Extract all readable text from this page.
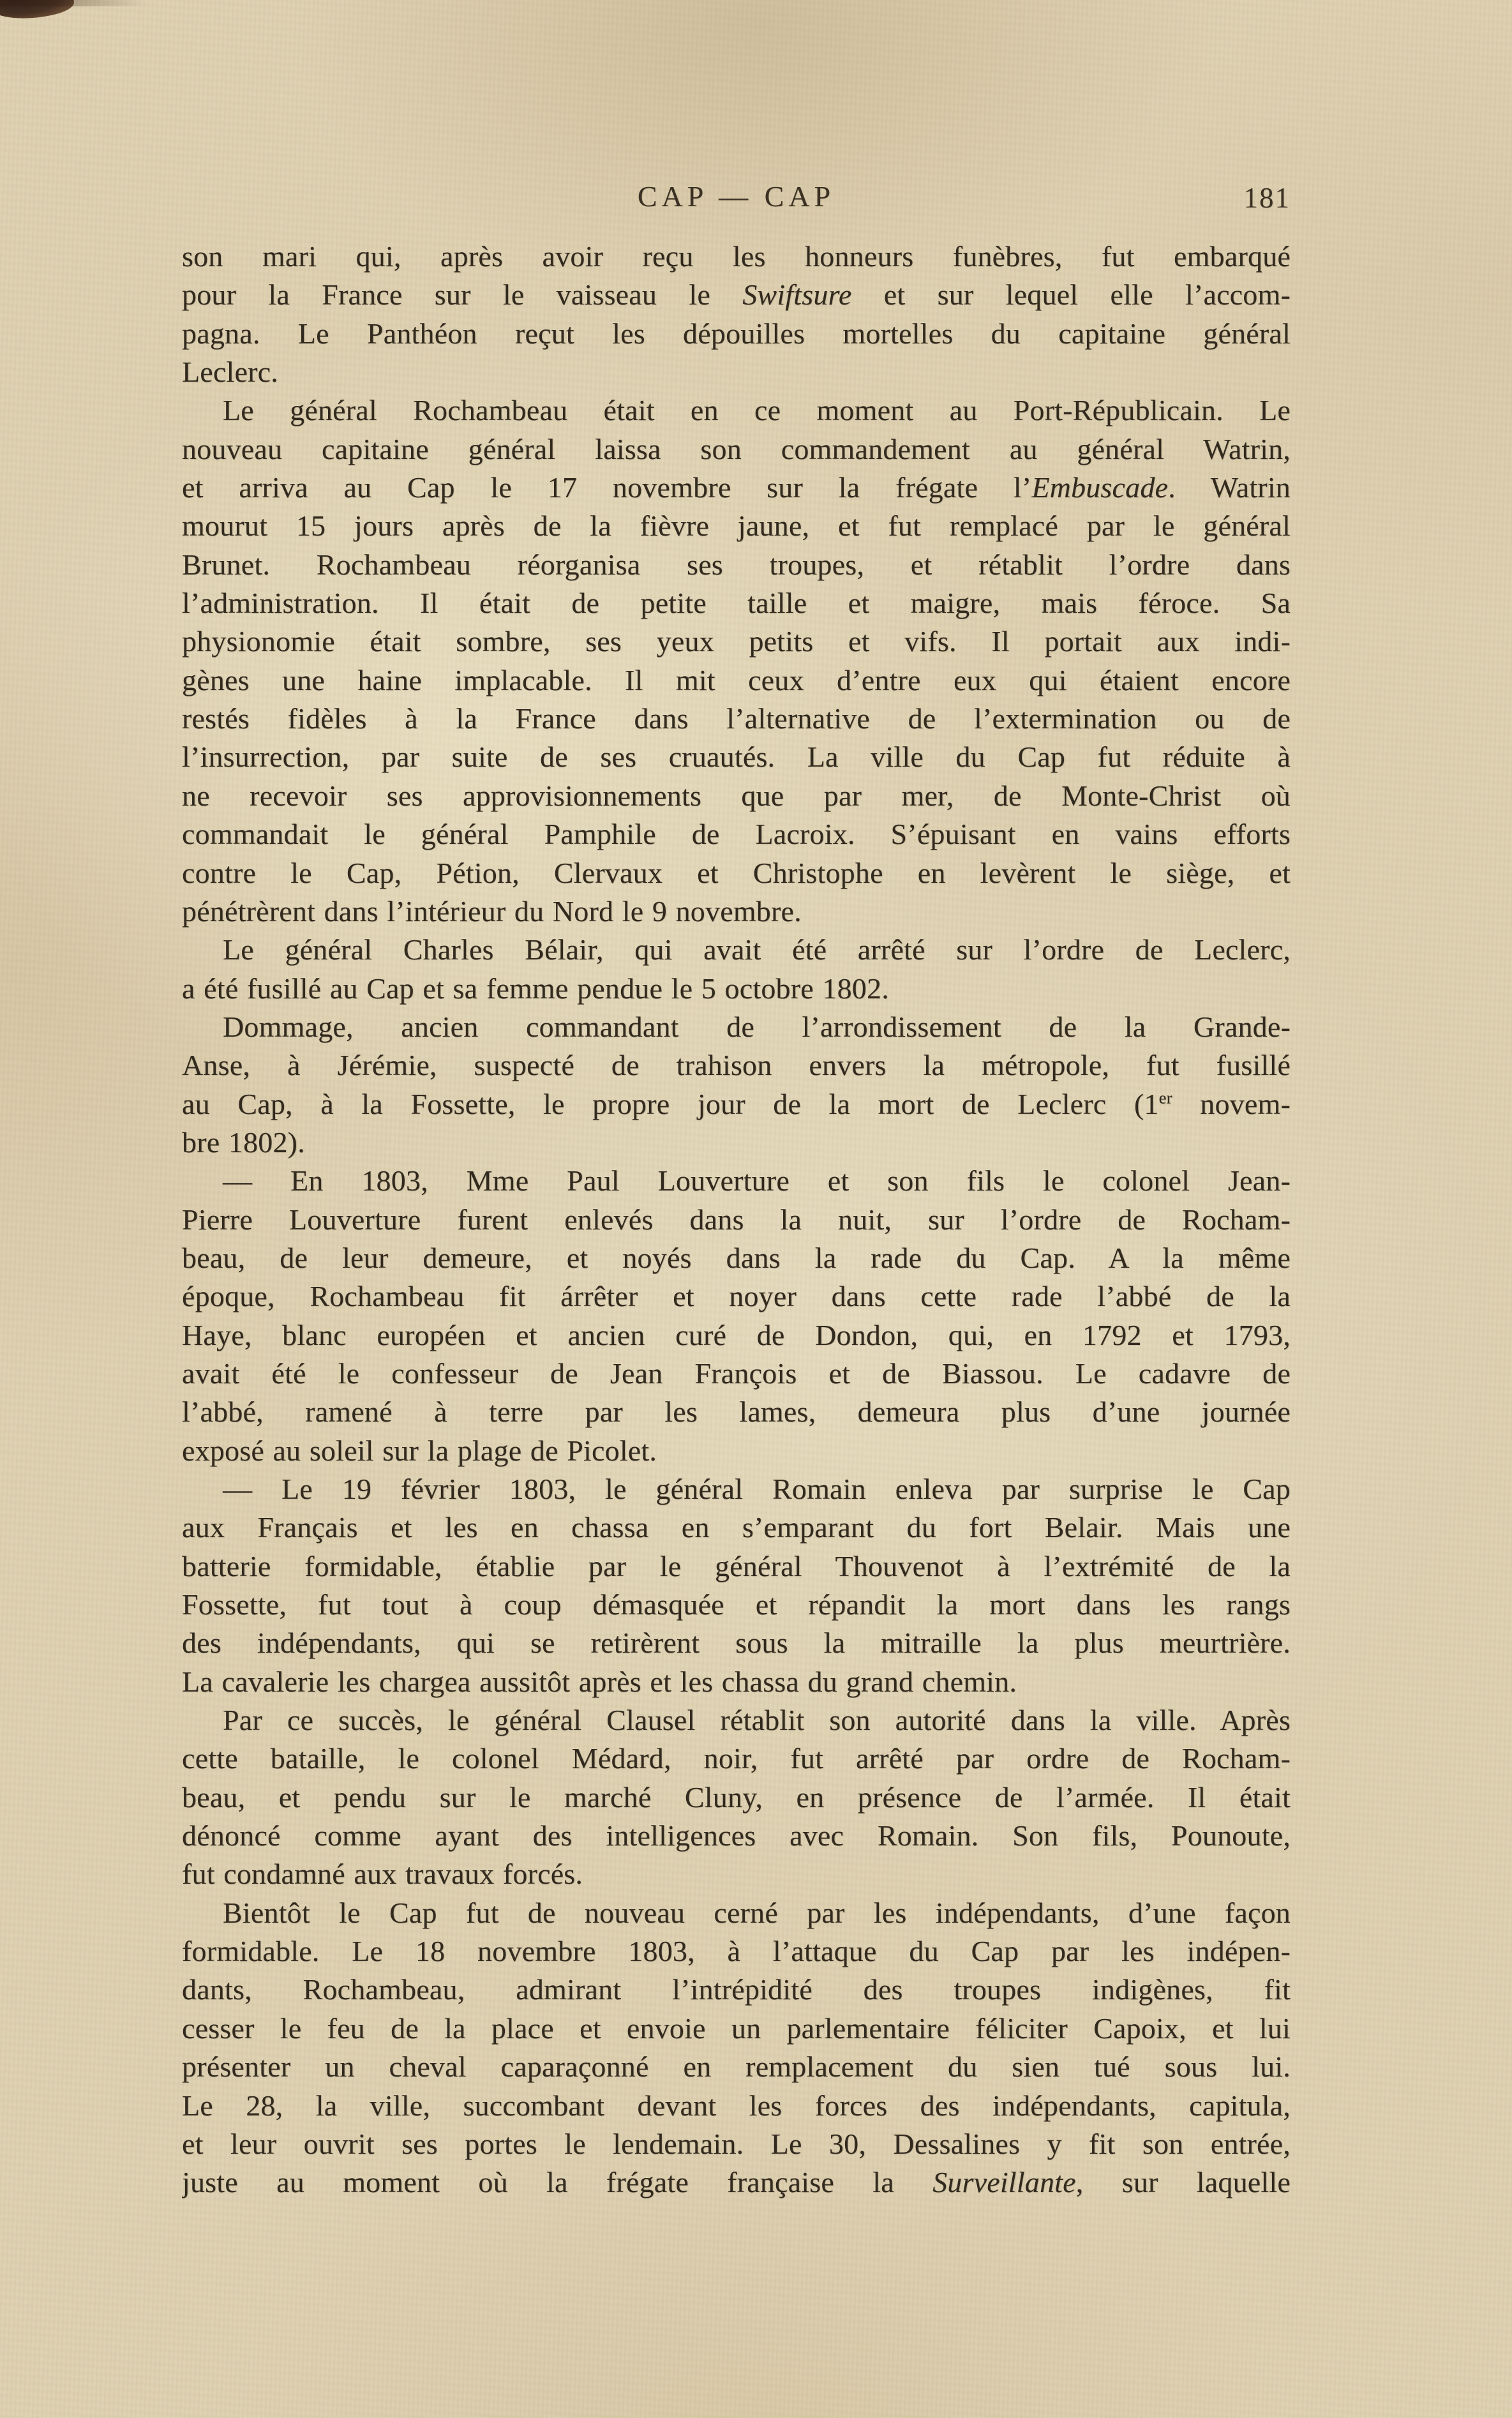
CAP — CAP	181
son mari qui, après avoir reçu les honneurs funèbres, fut embarqué
pour la France sur le vaisseau le Swiftsure et sur lequel elle l’accom-
pagna. Le Panthéon reçut les dépouilles mortelles du capitaine général
Leclerc.
Le général Rochambeau était en ce moment au Port-Républicain. Le
nouveau capitaine général laissa son commandement au général Watrin,
et arriva au Cap le 17 novembre sur la frégate l’Embuscade. Watrin
mourut 15 jours après de la fièvre jaune, et fut remplacé par le général
Brunet. Rochambeau réorganisa ses troupes, et rétablit l’ordre dans
l’administration. Il était de petite taille et maigre, mais féroce. Sa
physionomie était sombre, ses yeux petits et vifs. Il portait aux indi-
gènes une haine implacable. Il mit ceux d’entre eux qui étaient encore
restés fidèles à la France dans l’alternative de l’extermination ou de
l’insurrection, par suite de ses cruautés. La ville du Cap fut réduite à
ne recevoir ses approvisionnements que par mer, de Monte-Christ où
commandait le général Pamphile de Lacroix. S’épuisant en vains efforts
contre le Cap, Pétion, Clervaux et Christophe en levèrent le siège, et
pénétrèrent dans l’intérieur du Nord le 9 novembre.
Le général Charles Bélair, qui avait été arrêté sur l’ordre de Leclerc,
a été fusillé au Cap et sa femme pendue le 5 octobre 1802.
Dommage, ancien commandant de l’arrondissement de la Grande-
Anse, à Jérémie, suspecté de trahison envers la métropole, fut fusillé
au Cap, à la Fossette, le propre jour de la mort de Leclerc (1er novem-
bre 1802).
— En 1803, Mme Paul Louverture et son fils le colonel Jean-
Pierre Louverture furent enlevés dans la nuit, sur l’ordre de Rocham-
beau, de leur demeure, et noyés dans la rade du Cap. A la même
époque, Rochambeau fit árrêter et noyer dans cette rade l’abbé de la
Haye, blanc européen et ancien curé de Dondon, qui, en 1792 et 1793,
avait été le confesseur de Jean François et de Biassou. Le cadavre de
l’abbé, ramené à terre par les lames, demeura plus d’une journée
exposé au soleil sur la plage de Picolet.
— Le 19 février 1803, le général Romain enleva par surprise le Cap
aux Français et les en chassa en s’emparant du fort Belair. Mais une
batterie formidable, établie par le général Thouvenot à l’extrémité de la
Fossette, fut tout à coup démasquée et répandit la mort dans les rangs
des indépendants, qui se retirèrent sous la mitraille la plus meurtrière.
La cavalerie les chargea aussitôt après et les chassa du grand chemin.
Par ce succès, le général Clausel rétablit son autorité dans la ville. Après
cette bataille, le colonel Médard, noir, fut arrêté par ordre de Rocham-
beau, et pendu sur le marché Cluny, en présence de l’armée. Il était
dénoncé comme ayant des intelligences avec Romain. Son fils, Pounoute,
fut condamné aux travaux forcés.
Bientôt le Cap fut de nouveau cerné par les indépendants, d’une façon
formidable. Le 18 novembre 1803, à l’attaque du Cap par les indépen-
dants, Rochambeau, admirant l’intrépidité des troupes indigènes, fit
cesser le feu de la place et envoie un parlementaire féliciter Capoix, et lui
présenter un cheval caparaçonné en remplacement du sien tué sous lui.
Le 28, la ville, succombant devant les forces des indépendants, capitula,
et leur ouvrit ses portes le lendemain. Le 30, Dessalines y fit son entrée,
juste au moment où la frégate française la Surveillante, sur laquelle
